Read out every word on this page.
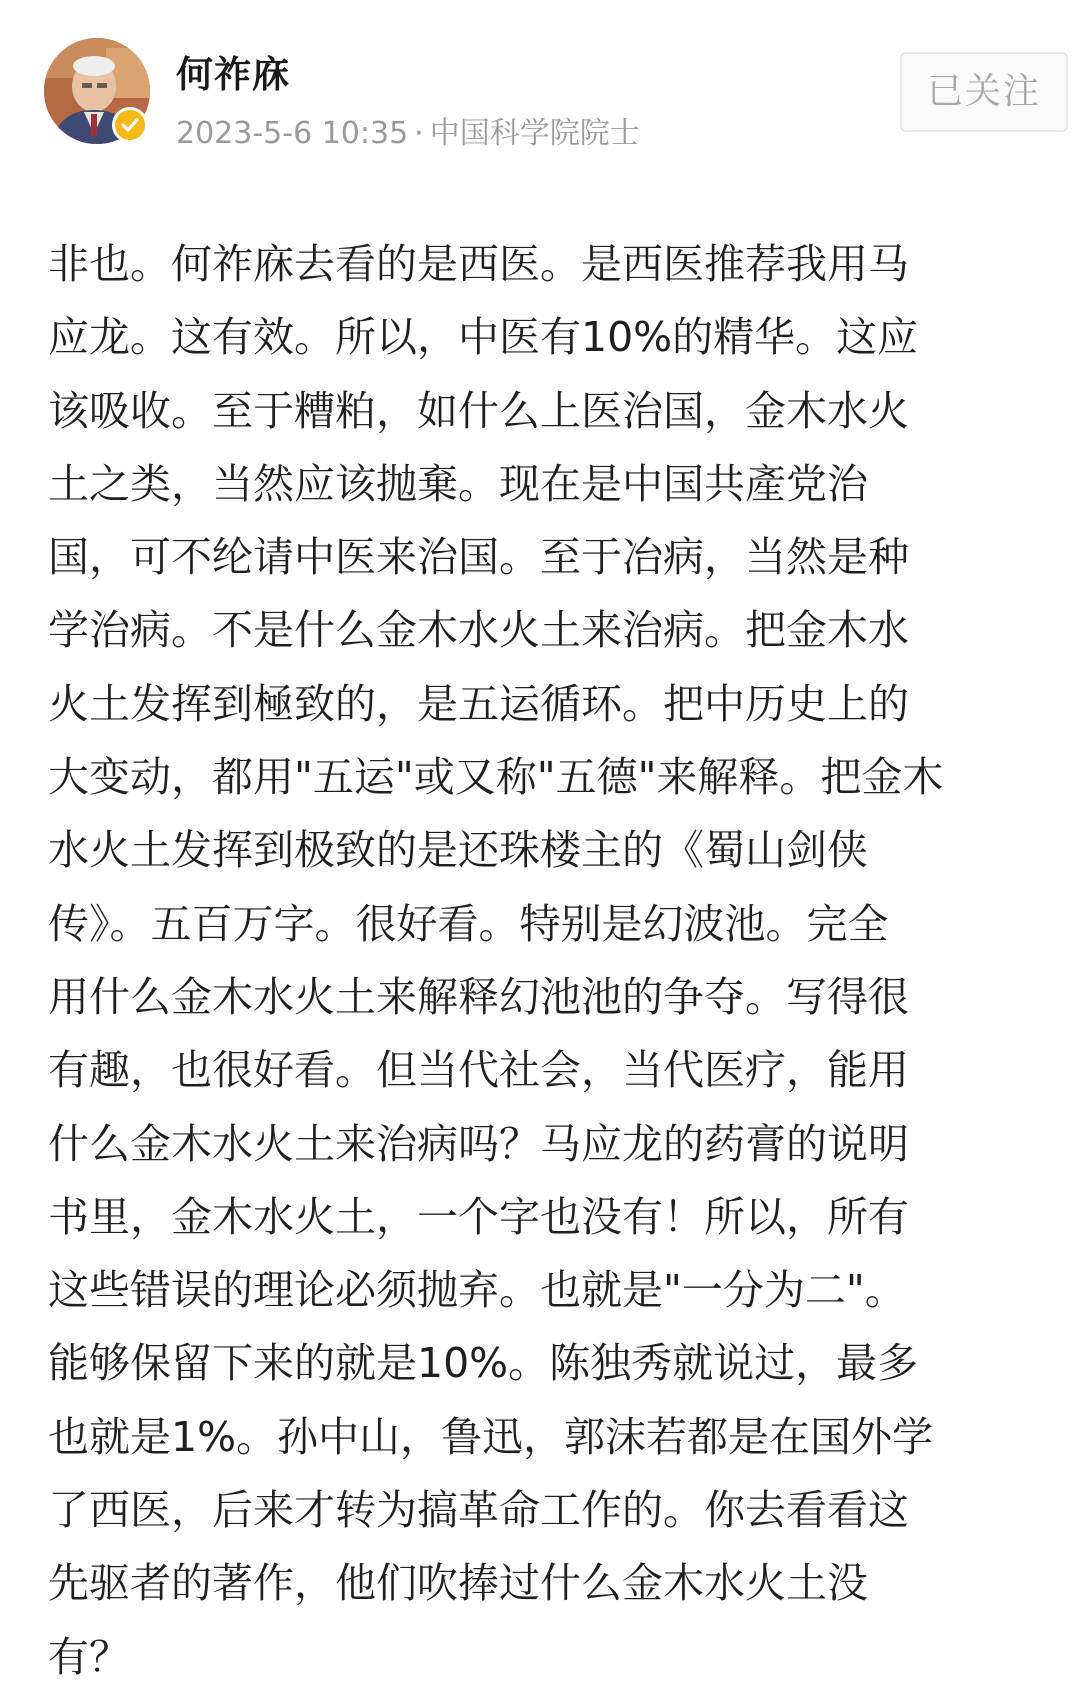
何祚庥
2023-5-6 10:35 · 中国科学院院士
已关注
非也。何祚庥去看的是西医。是西医推荐我用马
应龙。这有效。所以，中医有10%的精华。这应
该吸收。至于糟粕，如什么上医治国，金木水火
土之类，当然应该抛棄。现在是中国共產党治
国，可不纶请中医来治国。至于冶病，当然是种
学治病。不是什么金木水火土来治病。把金木水
火土发挥到極致的，是五运循环。把中历史上的
大变动，都用"五运"或又称"五德"来解释。把金木
水火土发挥到极致的是还珠楼主的《蜀山剑侠
传》。五百万字。很好看。特别是幻波池。完全
用什么金木水火土来解释幻池池的争夺。写得很
有趣，也很好看。但当代社会，当代医疗，能用
什么金木水火土来治病吗？马应龙的药膏的说明
书里，金木水火土，一个字也没有！所以，所有
这些错误的理论必须抛弃。也就是"一分为二"。
能够保留下来的就是10%。陈独秀就说过，最多
也就是1%。孙中山，鲁迅，郭沫若都是在国外学
了西医，后来才转为搞革命工作的。你去看看这
先驱者的著作，他们吹捧过什么金木水火土没
有？
